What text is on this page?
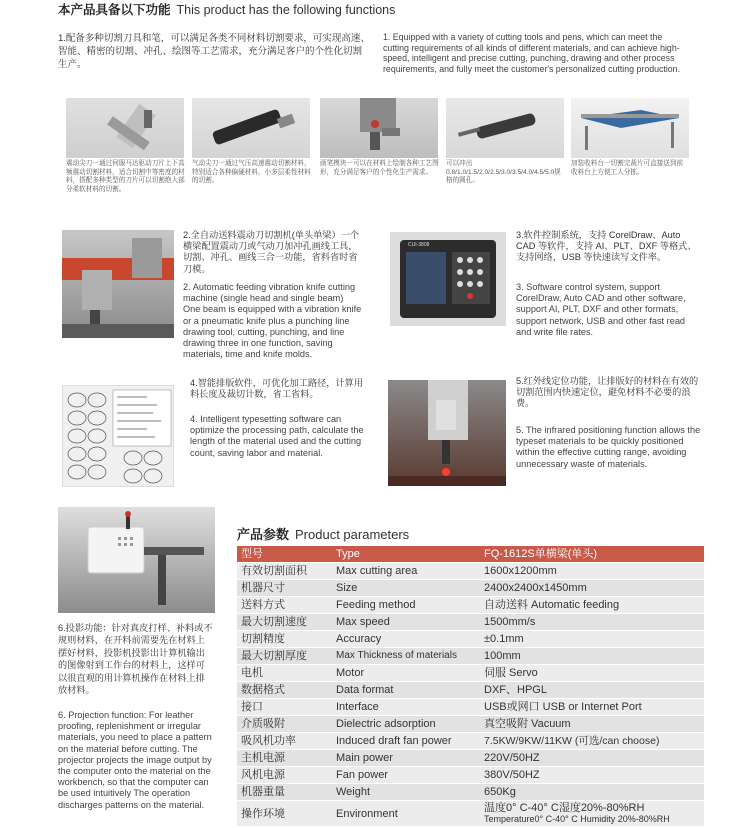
本产品具备以下功能 This product has the following functions
1.配备多种切割刀具和笔，可以满足各类不同材料切割要求，可实现高速、智能、精密的切割、冲孔、绘图等工艺需求，充分满足客户的个性化切割生产。
1. Equipped with a variety of cutting tools and pens, which can meet the cutting requirements of all kinds of different materials, and can achieve high-speed, intelligent and precise cutting, punching, drawing and other process requirements, and fully meet the customer's personalized cutting production.
震动尖刀一通过伺服马达驱动刀片上下高频震动切割材料，适合切割中等密度的材料，搭配多种类型的刀片可以切割绝大部分柔软材料的切割。
气动尖刀一通过气压高速震动切割材料，特别适合各种偏硬材料，小多层柔性材料的切割。
画笔模块一可以在材料上绘制各种工艺图形，充分满足客户的个性化生产需求。
可以冲出0.8/1.0/1.5/2.0/2.5/3.0/3.5/4.0/4.5/5.0规格的圆孔。
加装收料台一切割完裁片可直接送到前收料台上方便工人分拣。
2.全自动送料震动刀切割机(单头单梁）一个横梁配置震动刀或气动刀加冲孔画线工具，切割、冲孔、画线三合一功能，省料省时省刀模。
2. Automatic feeding vibration knife cutting machine (single head and single beam) One beam is equipped with a vibration knife or a pneumatic knife plus a punching line drawing tool, cutting, punching, and line drawing three in one function, saving materials, time and knife molds.
CUI-3808
3.软件控制系统，支持 CorelDraw、Auto CAD 等软件，支持 AI、PLT、DXF 等格式、支持网络，USB 等快速读写文件率。
3. Software control system, support CorelDraw, Auto CAD and other software, support AI, PLT, DXF and other formats, support network, USB and other fast read and write file rates.
4.智能排版软件，可优化加工路径，计算用料长度及裁切计数，省工省料。
4. Intelligent typesetting software can optimize the processing path, calculate the length of the material used and the cutting count, saving labor and material.
5.红外线定位功能，让排版好的材料在有效的切割范围内快速定位，避免材料不必要的浪费。
5. The infrared positioning function allows the typeset materials to be quickly positioned within the effective cutting range, avoiding unnecessary waste of materials.
6.投影功能：针对真皮打样、补料或不规则材料，在开料前需要先在材料上摆好材料，投影机投影出计算机输出的图像射到工作台的材料上，这样可以很直观的用计算机操作在材料上排放材料。
6. Projection function: For leather proofing, replenishment or irregular materials, you need to place a pattern on the material before cutting. The projector projects the image output by the computer onto the material on the workbench, so that the computer can be used intuitively The operation discharges patterns on the material.
产品参数 Product parameters
型号	Type	FQ-1612S单横梁(单头)
有效切割面积	Max cutting area	1600x1200mm
机器尺寸	Size	2400x2400x1450mm
送料方式	Feeding method	自动送料 Automatic feeding
最大切割速度	Max speed	1500mm/s
切割精度	Accuracy	±0.1mm
最大切割厚度	Max Thickness of materials	100mm
电机	Motor	伺服 Servo
数据格式	Data format	DXF、HPGL
接口	Interface	USB或网口 USB or Internet Port
介质吸附	Dielectric adsorption	真空吸附 Vacuum
吸风机功率	Induced draft fan power	7.5KW/9KW/11KW (可选/can choose)
主机电源	Main power	220V/50HZ
风机电源	Fan power	380V/50HZ
机器重量	Weight	650Kg
操作环境	Environment	温度0° C-40° C湿度20%-80%RH
Temperature0° C-40° C Humidity 20%-80%RH
